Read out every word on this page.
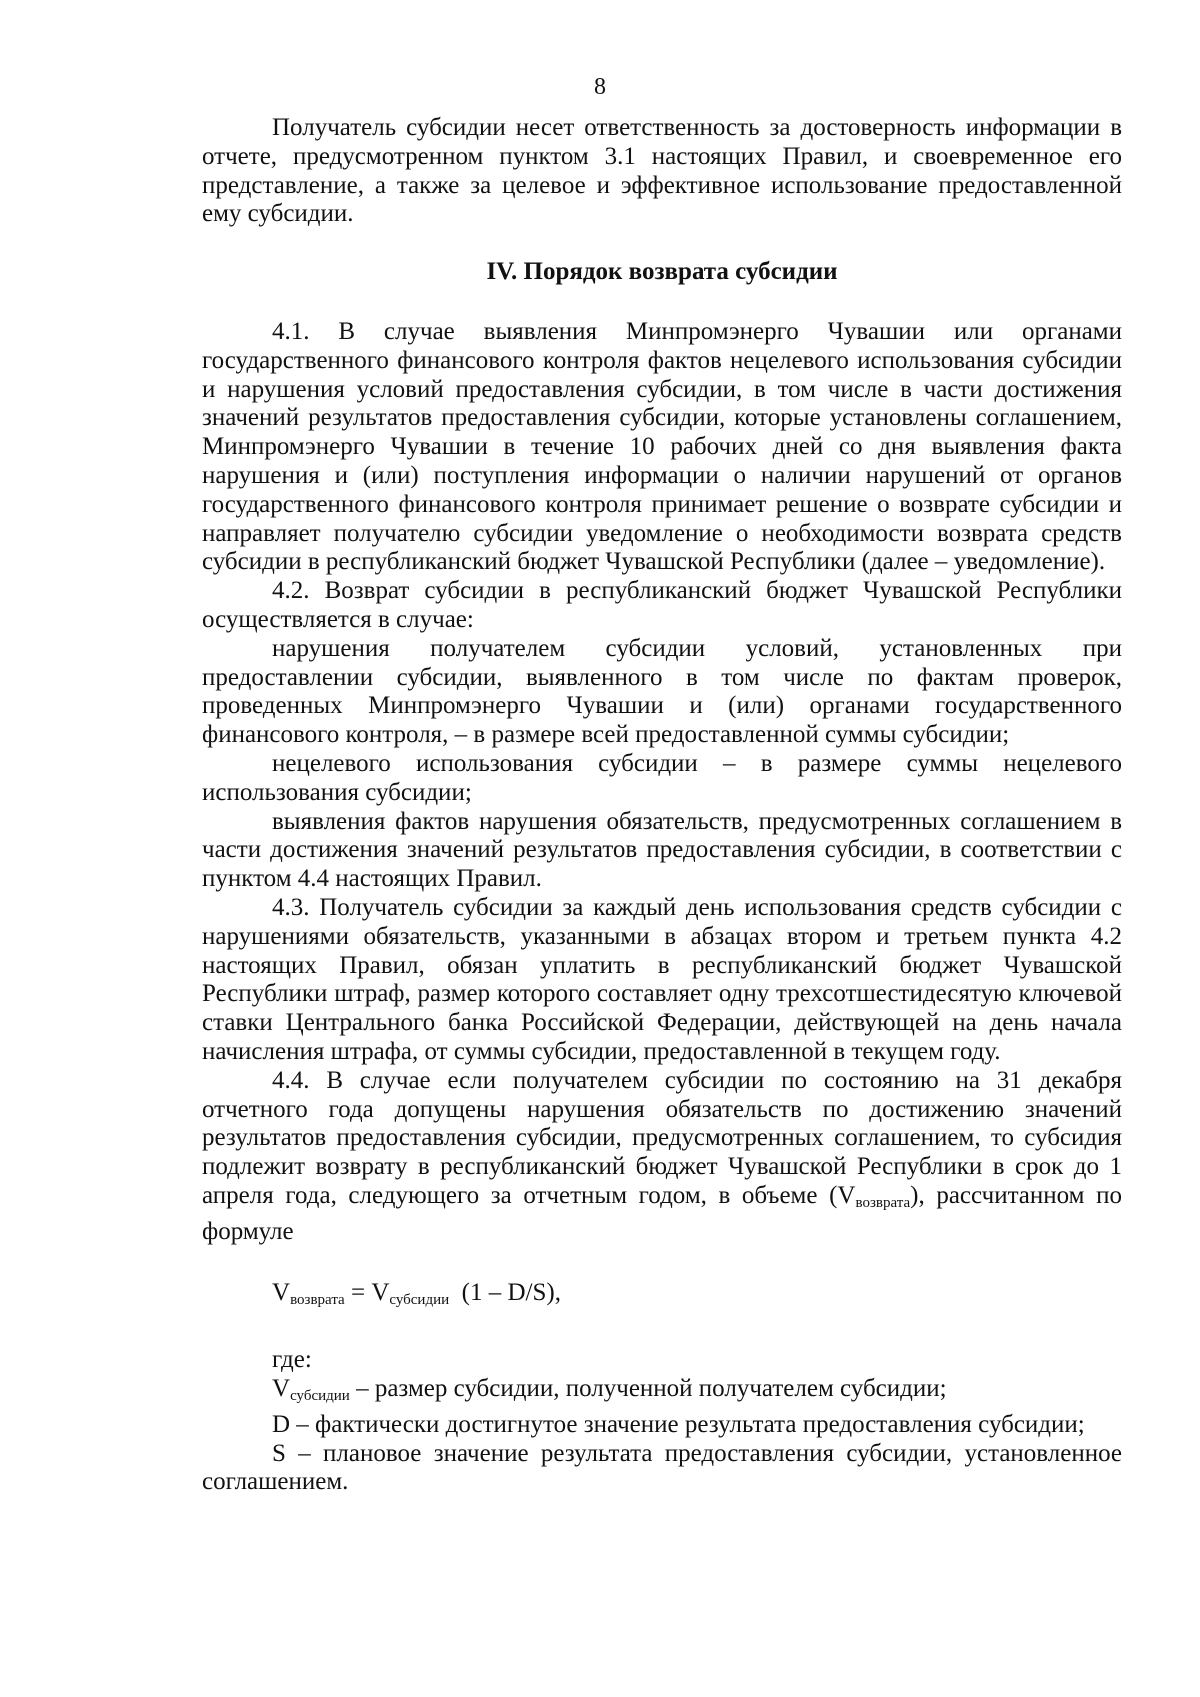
8

Получатель субсидии несет ответственность за достоверность информации в отчете, предусмотренном пунктом 3.1 настоящих Правил, и своевременное его представление, а также за целевое и эффективное использование предоставленной ему субсидии.

IV. Порядок возврата субсидии

4.1. В случае выявления Минпромэнерго Чувашии или органами государственного финансового контроля фактов нецелевого использования субсидии и нарушения условий предоставления субсидии, в том числе в части достижения значений результатов предоставления субсидии, которые установлены соглашением, Минпромэнерго Чувашии в течение 10 рабочих дней со дня выявления факта нарушения и (или) поступления информации о наличии нарушений от органов государственного финансового контроля принимает решение о возврате субсидии и направляет получателю субсидии уведомление о необходимости возврата средств субсидии в республиканский бюджет Чувашской Республики (далее – уведомление).

4.2. Возврат субсидии в республиканский бюджет Чувашской Республики осуществляется в случае:

нарушения получателем субсидии условий, установленных при предоставлении субсидии, выявленного в том числе по фактам проверок, проведенных Минпромэнерго Чувашии и (или) органами государственного финансового контроля, – в размере всей предоставленной суммы субсидии;

нецелевого использования субсидии – в размере суммы нецелевого использования субсидии;

выявления фактов нарушения обязательств, предусмотренных соглашением в части достижения значений результатов предоставления субсидии, в соответствии с пунктом 4.4 настоящих Правил.

4.3. Получатель субсидии за каждый день использования средств субсидии с нарушениями обязательств, указанными в абзацах втором и третьем пункта 4.2 настоящих Правил, обязан уплатить в республиканский бюджет Чувашской Республики штраф, размер которого составляет одну трехсотшестидесятую ключевой ставки Центрального банка Российской Федерации, действующей на день начала начисления штрафа, от суммы субсидии, предоставленной в текущем году.

4.4. В случае если получателем субсидии по состоянию на 31 декабря отчетного года допущены нарушения обязательств по достижению значений результатов предоставления субсидии, предусмотренных соглашением, то субсидия подлежит возврату в республиканский бюджет Чувашской Республики в срок до 1 апреля года, следующего за отчетным годом, в объеме $(V_{возврата})$, рассчитанном по формуле

$V_{возврата} = V_{субсидии}$  (1 – D/S),

где:

$V_{субсидии}$ – размер субсидии, полученной получателем субсидии;

D – фактически достигнутое значение результата предоставления субсидии;

S – плановое значение результата предоставления субсидии, установленное соглашением.
